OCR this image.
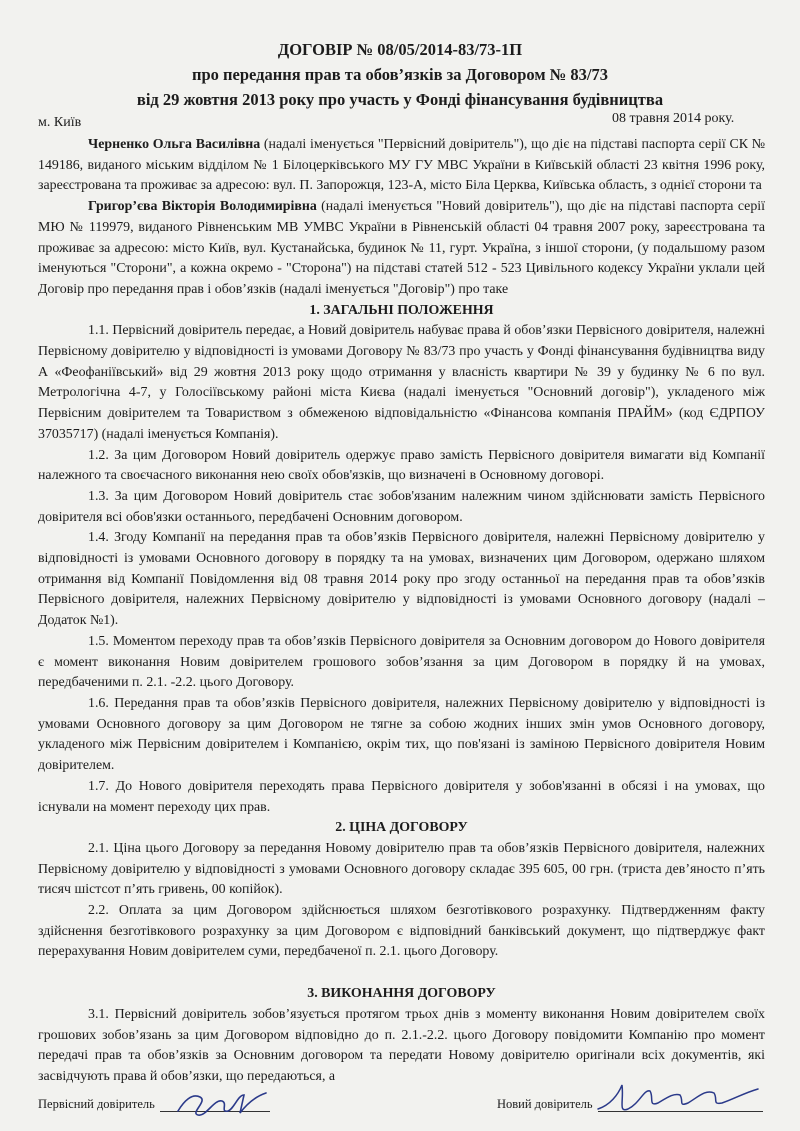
ДОГОВІР № 08/05/2014-83/73-1П
про передання прав та обов’язків за Договором № 83/73
від 29 жовтня 2013 року про участь у Фонді фінансування будівництва
м. Київ	08 травня 2014 року.

Черненко Ольга Василівна (надалі іменується "Первісний довіритель"), що діє на підставі паспорта серії СК № 149186, виданого міським відділом № 1 Білоцерківського МУ ГУ МВС України в Київській області 23 квітня 1996 року, зареєстрована та проживає за адресою: вул. П. Запорожця, 123-А, місто Біла Церква, Київська область, з однієї сторони та

Григор’єва Вікторія Володимирівна (надалі іменується "Новий довіритель"), що діє на підставі паспорта серії МЮ № 119979, виданого Рівненським МВ УМВС України в Рівненській області 04 травня 2007 року, зареєстрована та проживає за адресою: місто Київ, вул. Кустанайська, будинок № 11, гурт. Україна, з іншої сторони, (у подальшому разом іменуються "Сторони", а кожна окремо - "Сторона") на підставі статей 512 - 523 Цивільного кодексу України уклали цей Договір про передання прав і обов’язків (надалі іменується "Договір") про таке

1. ЗАГАЛЬНІ ПОЛОЖЕННЯ

1.1. Первісний довіритель передає, а Новий довіритель набуває права й обов’язки Первісного довірителя, належні Первісному довірителю у відповідності із умовами Договору № 83/73 про участь у Фонді фінансування будівництва виду А «Феофаніївський» від 29 жовтня 2013 року щодо отримання у власність квартири № 39 у будинку № 6 по вул. Метрологічна 4-7, у Голосіївському районі міста Києва (надалі іменується "Основний договір"), укладеного між Первісним довірителем та Товариством з обмеженою відповідальністю «Фінансова компанія ПРАЙМ» (код ЄДРПОУ 37035717) (надалі іменується Компанія).

1.2. За цим Договором Новий довіритель одержує право замість Первісного довірителя вимагати від Компанії належного та своєчасного виконання нею своїх обов'язків, що визначені в Основному договорі.

1.3. За цим Договором Новий довіритель стає зобов'язаним належним чином здійснювати замість Первісного довірителя всі обов'язки останнього, передбачені Основним договором.

1.4. Згоду Компанії на передання прав та обов’язків Первісного довірителя, належні Первісному довірителю у відповідності із умовами Основного договору в порядку та на умовах, визначених цим Договором, одержано шляхом отримання від Компанії Повідомлення від 08 травня 2014 року про згоду останньої на передання прав та обов’язків Первісного довірителя, належних Первісному довірителю у відповідності із умовами Основного договору (надалі – Додаток №1).

1.5. Моментом переходу прав та обов’язків Первісного довірителя за Основним договором до Нового довірителя є момент виконання Новим довірителем грошового зобов’язання за цим Договором в порядку й на умовах, передбаченими п. 2.1. -2.2. цього Договору.

1.6. Передання прав та обов’язків Первісного довірителя, належних Первісному довірителю у відповідності із умовами Основного договору за цим Договором не тягне за собою жодних інших змін умов Основного договору, укладеного між Первісним довірителем і Компанією, окрім тих, що пов'язані із заміною Первісного довірителя Новим довірителем.

1.7. До Нового довірителя переходять права Первісного довірителя у зобов'язанні в обсязі і на умовах, що існували на момент переходу цих прав.

2. ЦІНА ДОГОВОРУ

2.1. Ціна цього Договору за передання Новому довірителю прав та обов’язків Первісного довірителя, належних Первісному довірителю у відповідності з умовами Основного договору складає 395 605, 00 грн. (триста дев’яносто п’ять тисяч шістсот п’ять гривень, 00 копійок).

2.2. Оплата за цим Договором здійснюється шляхом безготівкового розрахунку. Підтвердженням факту здійснення безготівкового розрахунку за цим Договором є відповідний банківський документ, що підтверджує факт перерахування Новим довірителем суми, передбаченої п. 2.1. цього Договору.

3. ВИКОНАННЯ ДОГОВОРУ

3.1. Первісний довіритель зобов’язується протягом трьох днів з моменту виконання Новим довірителем своїх грошових зобов’язань за цим Договором відповідно до п. 2.1.-2.2. цього Договору повідомити Компанію про момент передачі прав та обов’язків за Основним договором та передати Новому довірителю оригінали всіх документів, які засвідчують права й обов’язки, що передаються, а

Первісний довіритель	Новий довіритель
